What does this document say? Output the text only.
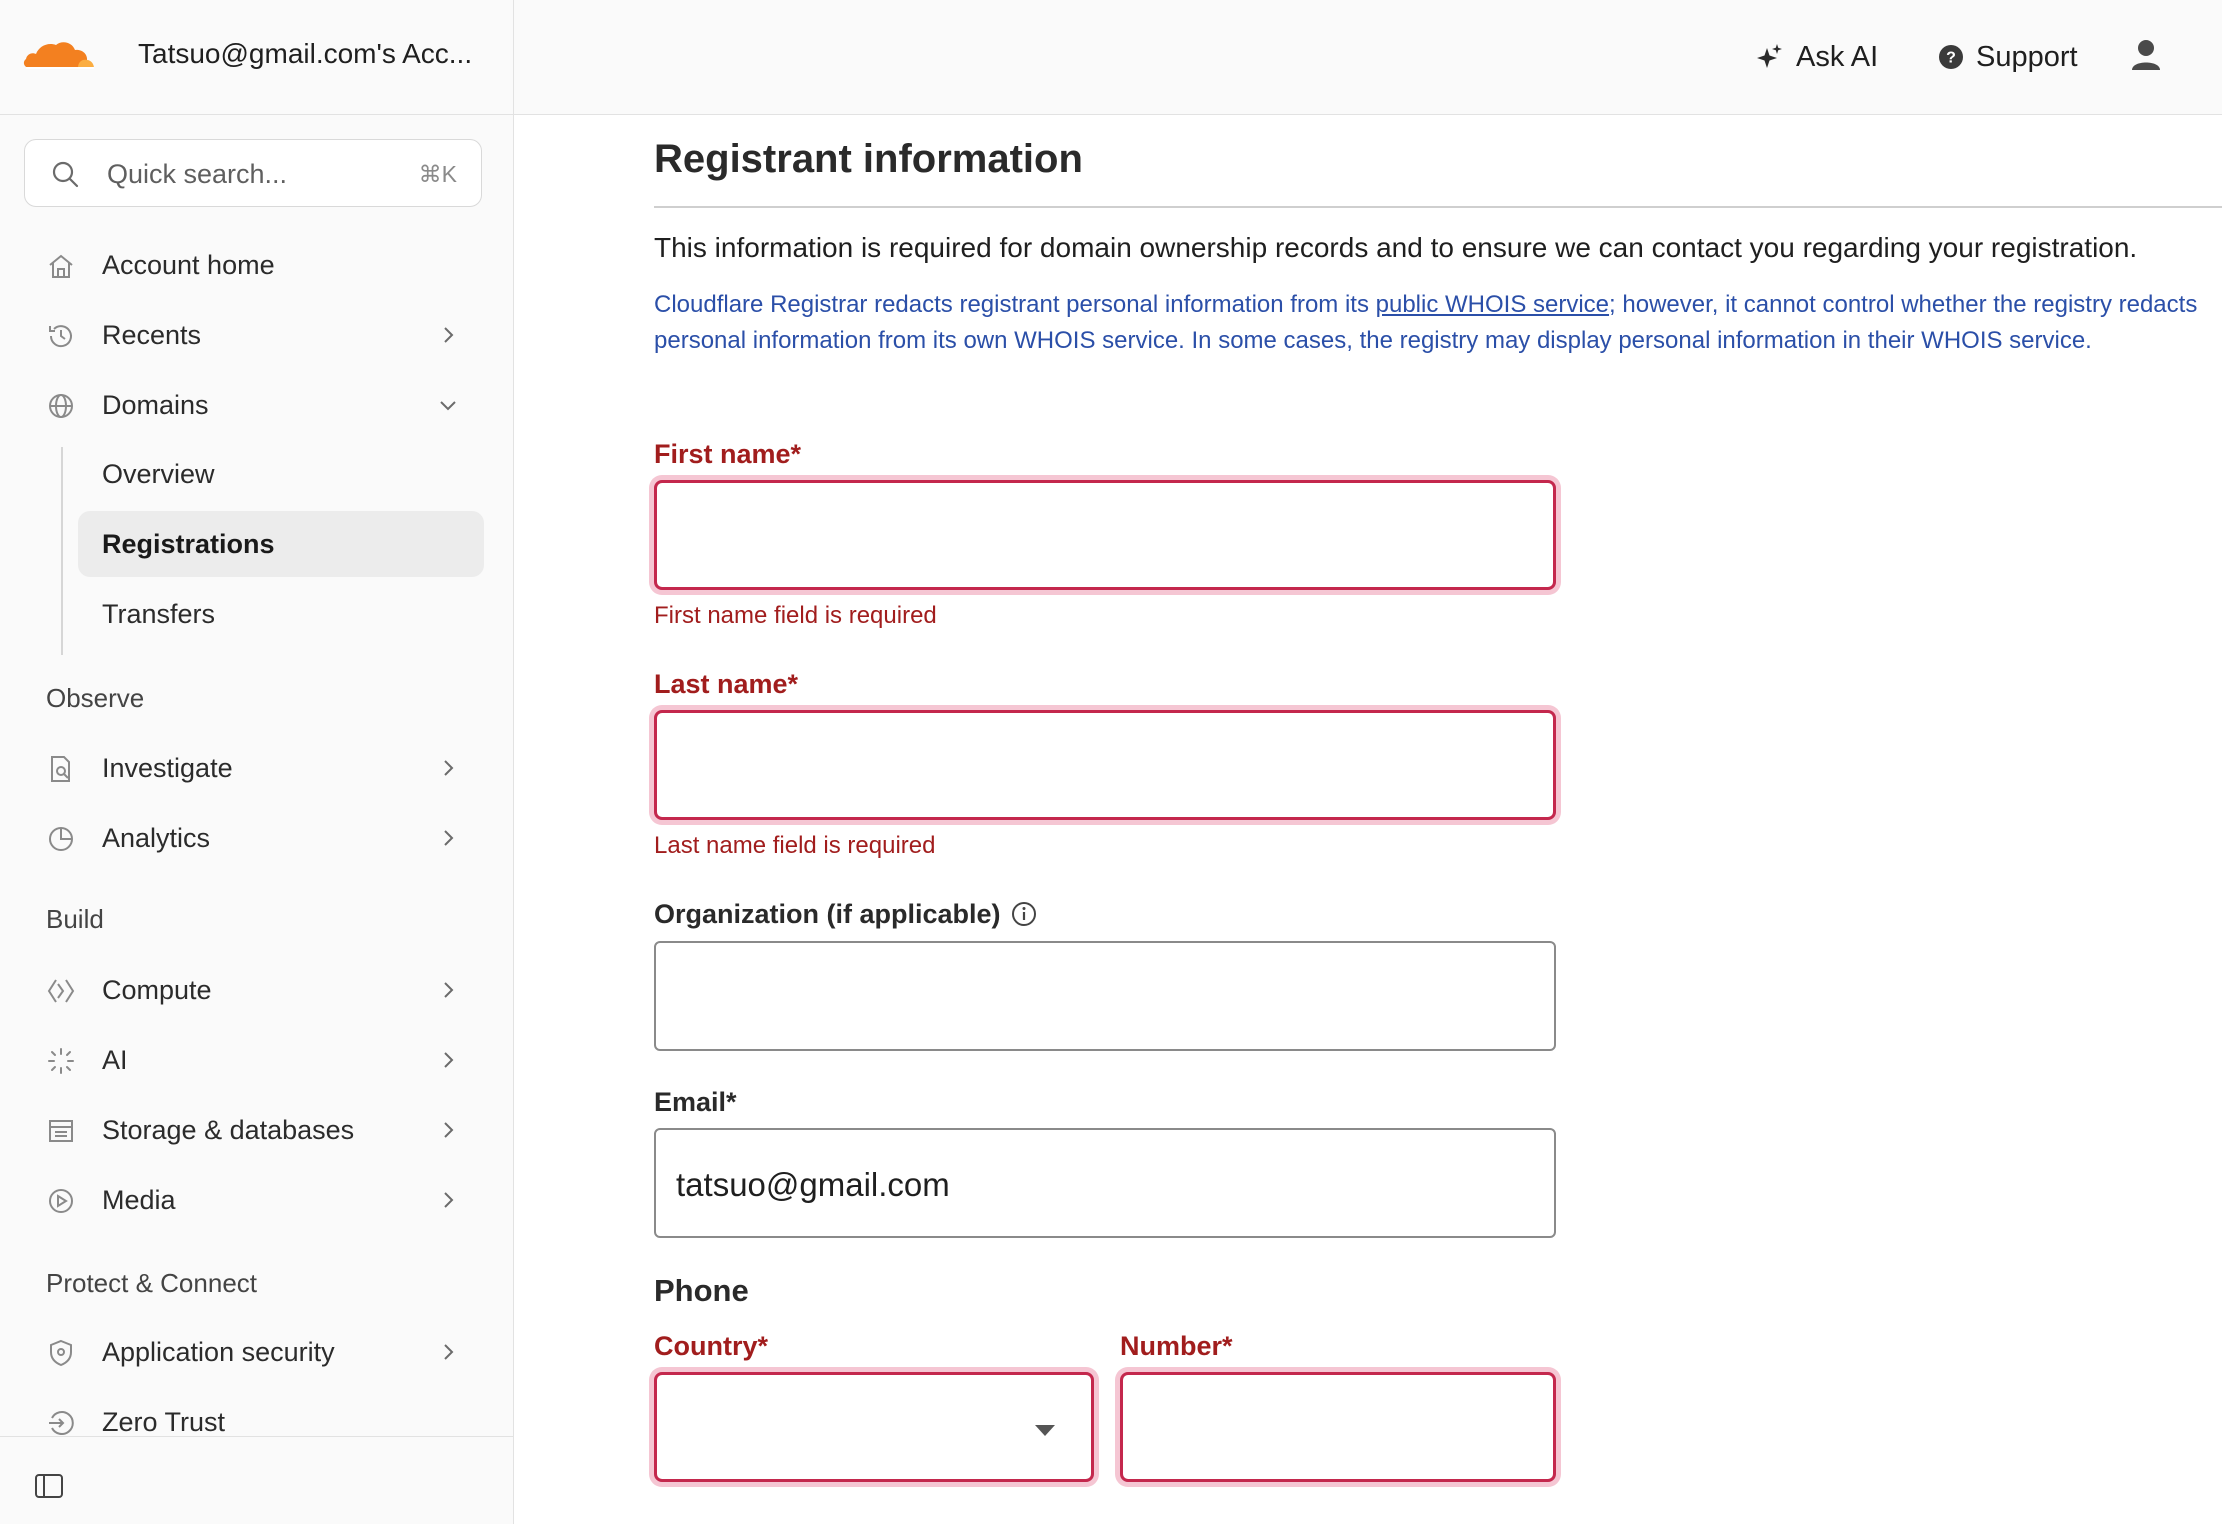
Tatsuo@gmail.com's Acc...
Quick search...	⌘K
Account home
Recents
Domains
Overview
Registrations
Transfers
Observe
Investigate
Analytics
Build
Compute
AI
Storage & databases
Media
Protect & Connect
Application security
Zero Trust
Ask AI	? Support
Registrant information

This information is required for domain ownership records and to ensure we can contact you regarding your registration.

Cloudflare Registrar redacts registrant personal information from its public WHOIS service; however, it cannot control whether the registry redacts personal information from its own WHOIS service. In some cases, the registry may display personal information in their WHOIS service.

First name*
First name field is required
Last name*
Last name field is required
Organization (if applicable)
Email*
tatsuo@gmail.com
Phone
Country*	Number*
